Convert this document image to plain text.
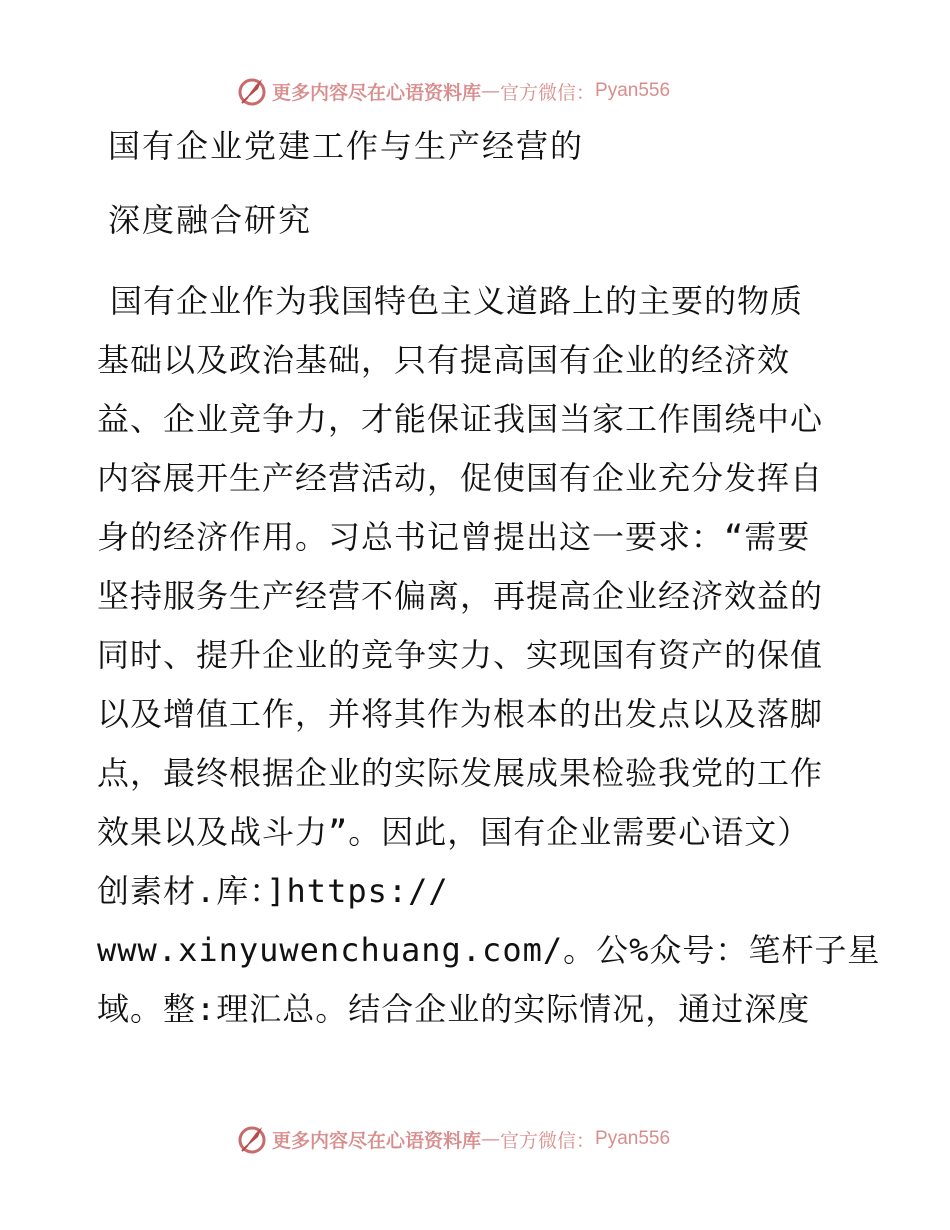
更多内容尽在心语资料库 — 官方微信： Pyan556
国有企业党建工作与生产经营的
深度融合研究
国有企业作为我国特色主义道路上的主要的物质
基础以及政治基础，只有提高国有企业的经济效
益、企业竞争力，才能保证我国当家工作围绕中心
内容展开生产经营活动，促使国有企业充分发挥自
身的经济作用。习总书记曾提出这一要求：“需要
坚持服务生产经营不偏离，再提高企业经济效益的
同时、提升企业的竞争实力、实现国有资产的保值
以及增值工作，并将其作为根本的出发点以及落脚
点，最终根据企业的实际发展成果检验我党的工作
效果以及战斗力”。因此，国有企业需要心语文）
创素材.库：]https://
www.xinyuwenchuang.com/。公%众号：笔杆子星
域。整:理汇总。结合企业的实际情况，通过深度
更多内容尽在心语资料库 — 官方微信： Pyan556
